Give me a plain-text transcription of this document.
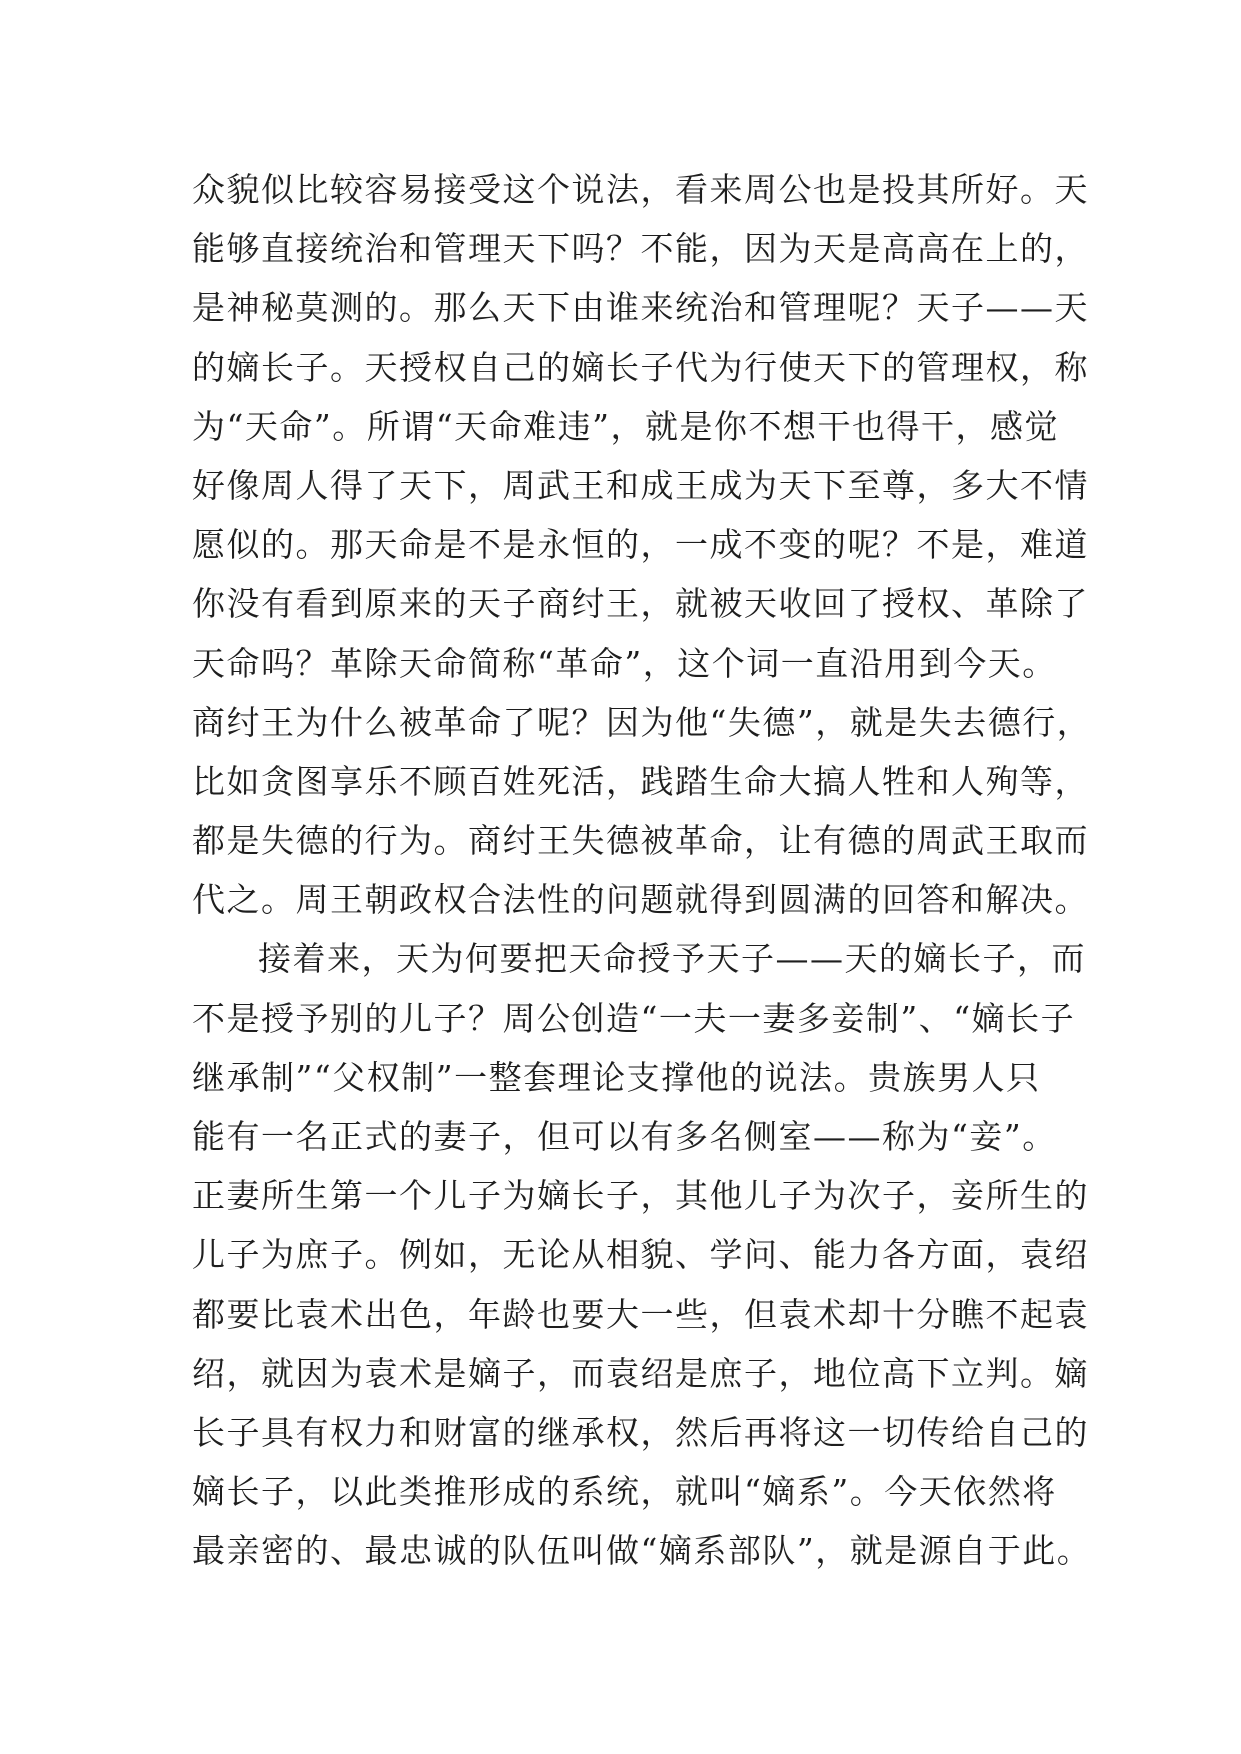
众貌似比较容易接受这个说法，看来周公也是投其所好。天
能够直接统治和管理天下吗？不能，因为天是高高在上的，
是神秘莫测的。那么天下由谁来统治和管理呢？天子——天
的嫡长子。天授权自己的嫡长子代为行使天下的管理权，称
为“天命”。所谓“天命难违”，就是你不想干也得干，感觉
好像周人得了天下，周武王和成王成为天下至尊，多大不情
愿似的。那天命是不是永恒的，一成不变的呢？不是，难道
你没有看到原来的天子商纣王，就被天收回了授权、革除了
天命吗？革除天命简称“革命”，这个词一直沿用到今天。
商纣王为什么被革命了呢？因为他“失德”，就是失去德行，
比如贪图享乐不顾百姓死活，践踏生命大搞人牲和人殉等，
都是失德的行为。商纣王失德被革命，让有德的周武王取而
代之。周王朝政权合法性的问题就得到圆满的回答和解决。
接着来，天为何要把天命授予天子——天的嫡长子，而
不是授予别的儿子？周公创造“一夫一妻多妾制”、“嫡长子
继承制”“父权制”一整套理论支撑他的说法。贵族男人只
能有一名正式的妻子，但可以有多名侧室——称为“妾”。
正妻所生第一个儿子为嫡长子，其他儿子为次子，妾所生的
儿子为庶子。例如，无论从相貌、学问、能力各方面，袁绍
都要比袁术出色，年龄也要大一些，但袁术却十分瞧不起袁
绍，就因为袁术是嫡子，而袁绍是庶子，地位高下立判。嫡
长子具有权力和财富的继承权，然后再将这一切传给自己的
嫡长子，以此类推形成的系统，就叫“嫡系”。今天依然将
最亲密的、最忠诚的队伍叫做“嫡系部队”，就是源自于此。
